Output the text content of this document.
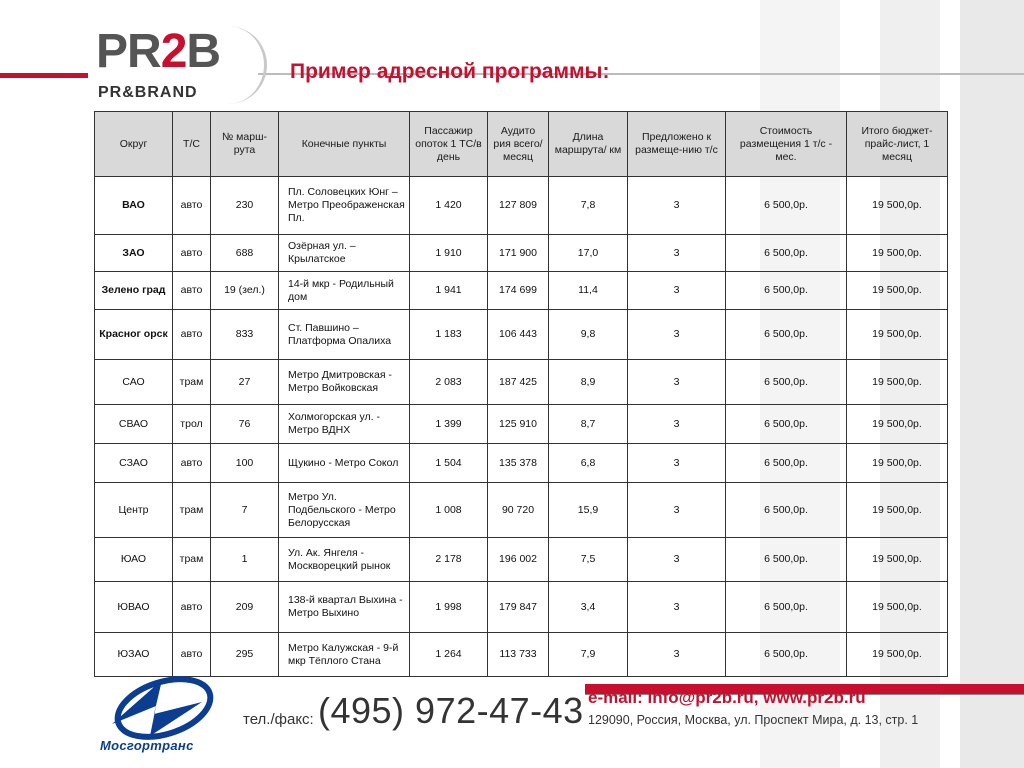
PR2B
PR&BRAND
Пример адресной программы:
Округ	Т/С	№ марш-рута	Конечные пункты	Пассажир опоток 1 ТС/в день	Аудито рия всего/ месяц	Длина маршрута/ км	Предложено к размеще-нию т/с	Стоимость размещения 1 т/с - мес.	Итого бюджет-прайс-лист, 1 месяц
ВАО	авто	230	Пл. Соловецких Юнг – Метро Преображенская Пл.	1 420	127 809	7,8	3	6 500,0р.	19 500,0р.
ЗАО	авто	688	Озёрная ул. – Крылатское	1 910	171 900	17,0	3	6 500,0р.	19 500,0р.
Зелено град	авто	19 (зел.)	14-й мкр - Родильный дом	1 941	174 699	11,4	3	6 500,0р.	19 500,0р.
Красног орск	авто	833	Ст. Павшино – Платформа Опалиха	1 183	106 443	9,8	3	6 500,0р.	19 500,0р.
САО	трам	27	Метро Дмитровская - Метро Войковская	2 083	187 425	8,9	3	6 500,0р.	19 500,0р.
СВАО	трол	76	Холмогорская ул. - Метро ВДНХ	1 399	125 910	8,7	3	6 500,0р.	19 500,0р.
СЗАО	авто	100	Щукино - Метро Сокол	1 504	135 378	6,8	3	6 500,0р.	19 500,0р.
Центр	трам	7	Метро Ул. Подбельского - Метро Белорусская	1 008	90 720	15,9	3	6 500,0р.	19 500,0р.
ЮАО	трам	1	Ул. Ак. Янгеля - Москворецкий рынок	2 178	196 002	7,5	3	6 500,0р.	19 500,0р.
ЮВАО	авто	209	138-й квартал Выхина - Метро Выхино	1 998	179 847	3,4	3	6 500,0р.	19 500,0р.
ЮЗАО	авто	295	Метро Калужская - 9-й мкр Тёплого Стана	1 264	113 733	7,9	3	6 500,0р.	19 500,0р.
Мосгортранс
тел./факс: (495) 972-47-43 e-mail: info@pr2b.ru, www.pr2b.ru
129090, Россия, Москва, ул. Проспект Мира, д. 13, стр. 1
